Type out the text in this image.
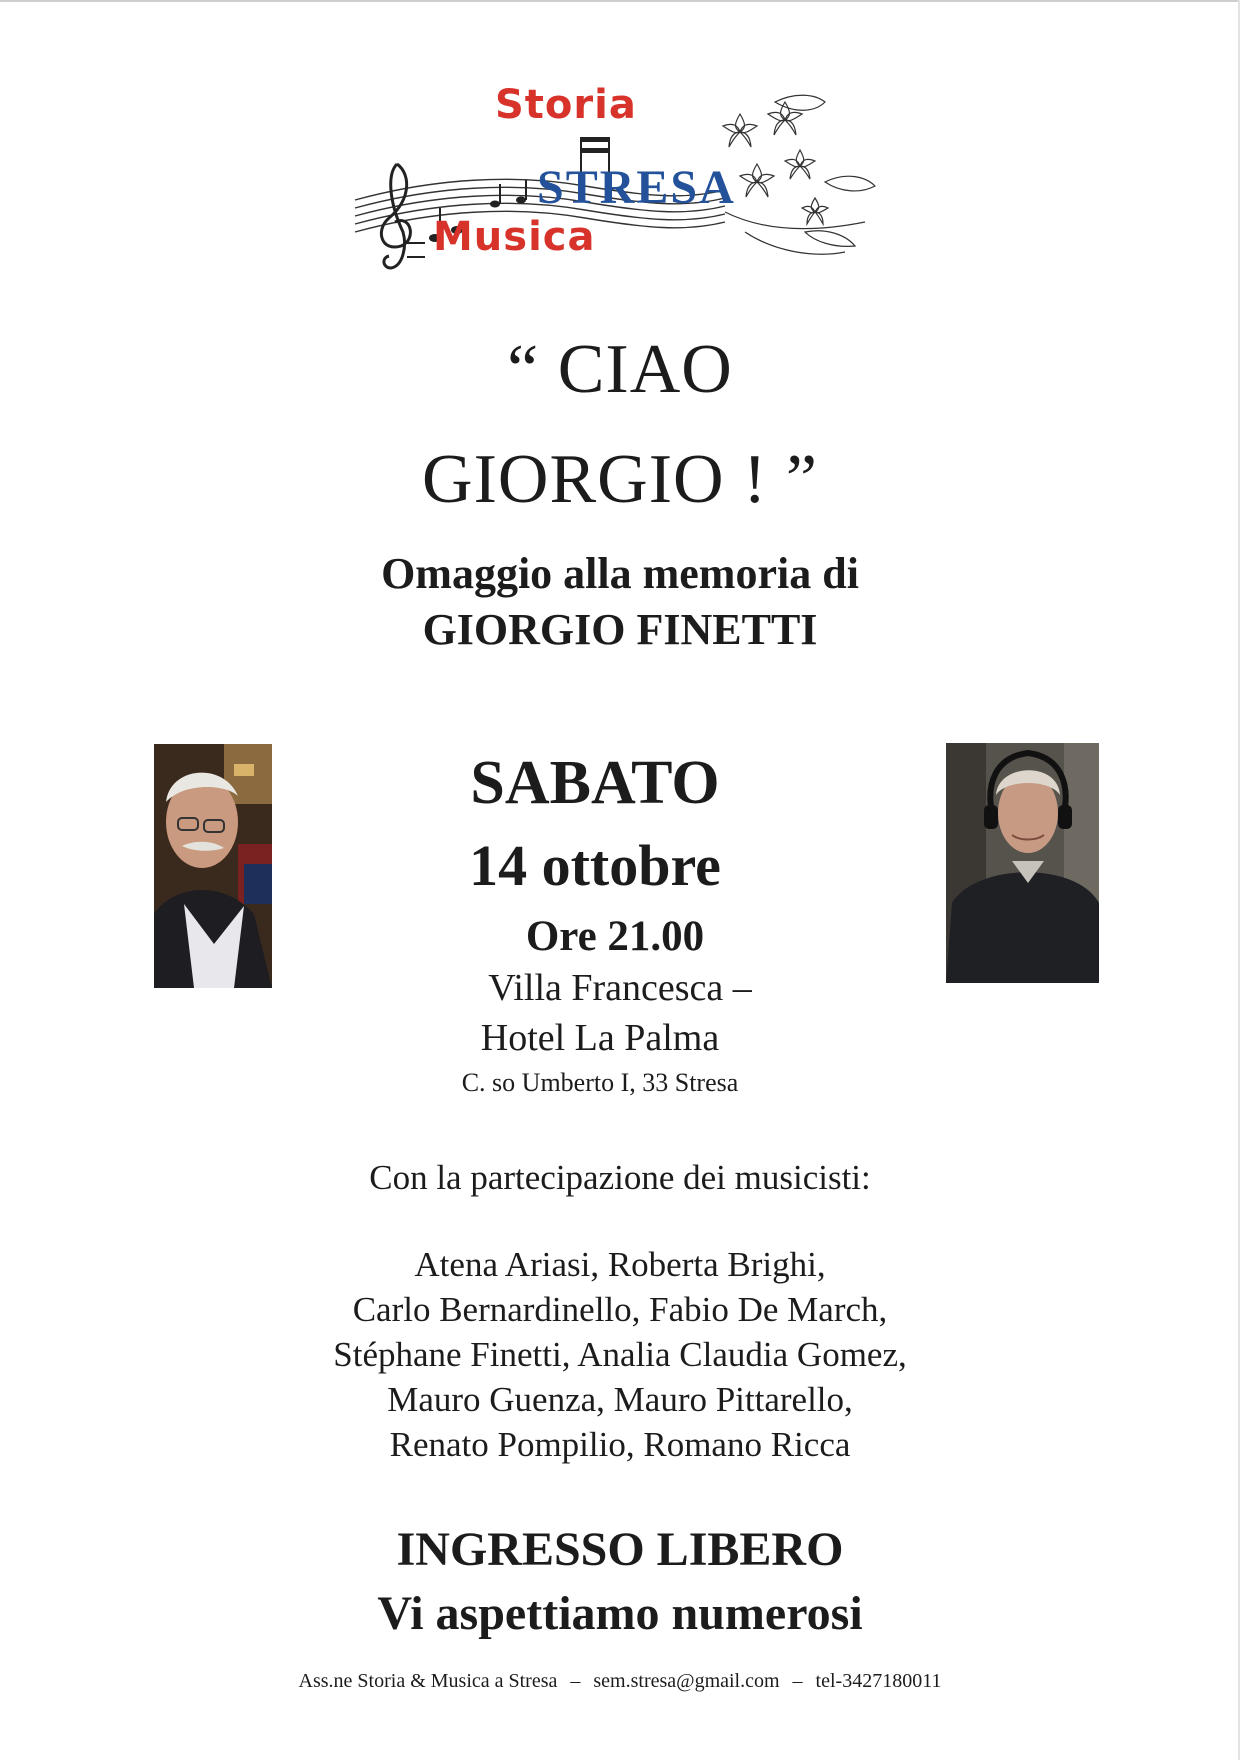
Storia
STRESA
Musica
“ CIAO
GIORGIO ! ”
Omaggio alla memoria di
GIORGIO FINETTI
SABATO
14 ottobre
Ore 21.00
Villa Francesca –
Hotel La Palma
C. so Umberto I, 33 Stresa
Con la partecipazione dei musicisti:
Atena Ariasi, Roberta Brighi,
Carlo Bernardinello, Fabio De March,
Stéphane Finetti, Analia Claudia Gomez,
Mauro Guenza, Mauro Pittarello,
Renato Pompilio, Romano Ricca
INGRESSO LIBERO
Vi aspettiamo numerosi
Ass.ne Storia & Musica a Stresa – sem.stresa@gmail.com – tel-3427180011
